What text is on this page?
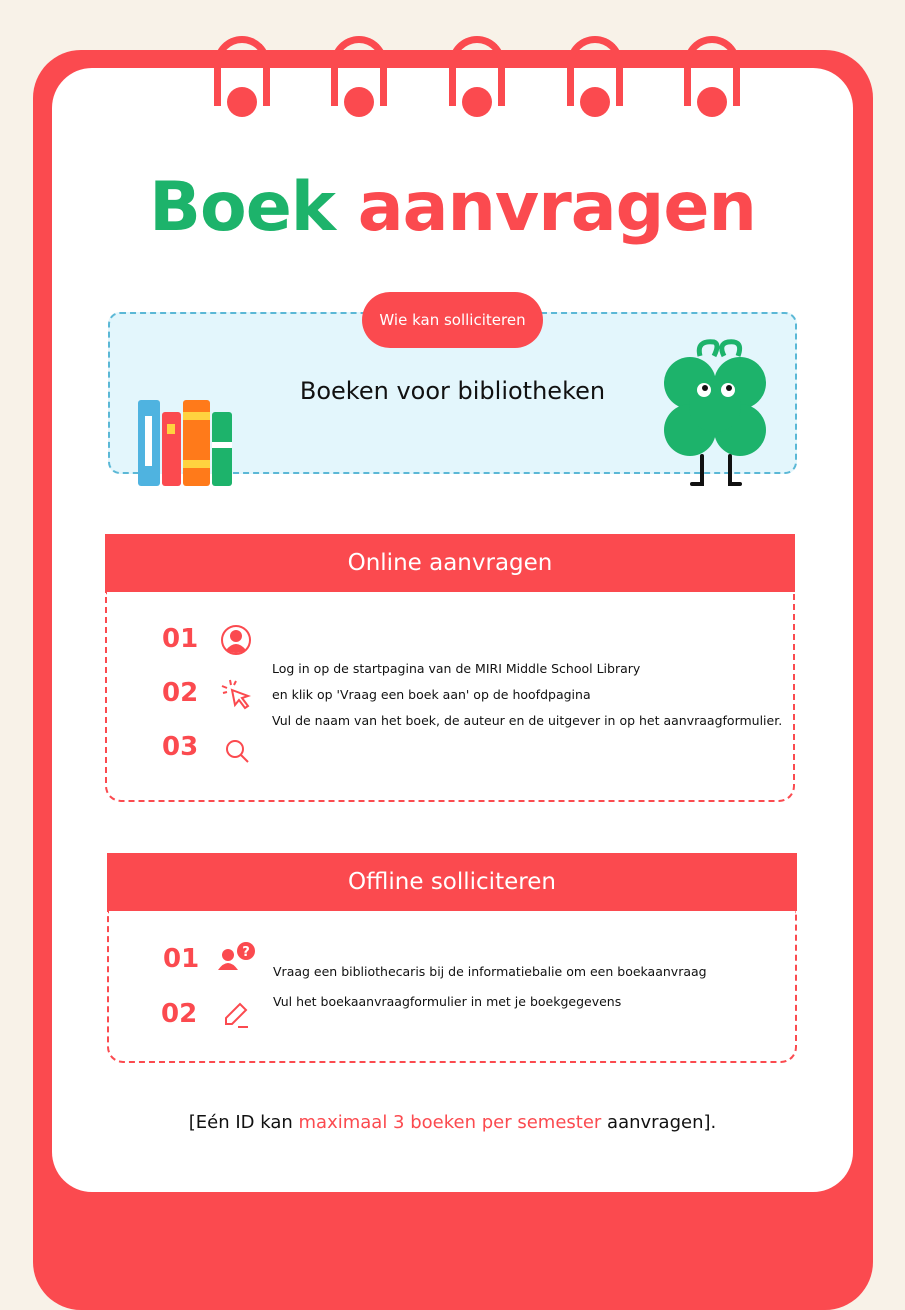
Boek aanvragen
Wie kan solliciteren
Boeken voor bibliotheken
Online aanvragen
01
02
03
Log in op de startpagina van de MIRI Middle School Library
en klik op 'Vraag een boek aan' op de hoofdpagina
Vul de naam van het boek, de auteur en de uitgever in op het aanvraagformulier.
Offline solliciteren
01
02
?
Vraag een bibliothecaris bij de informatiebalie om een boekaanvraag
Vul het boekaanvraagformulier in met je boekgegevens
[Eén ID kan maximaal 3 boeken per semester aanvragen].
